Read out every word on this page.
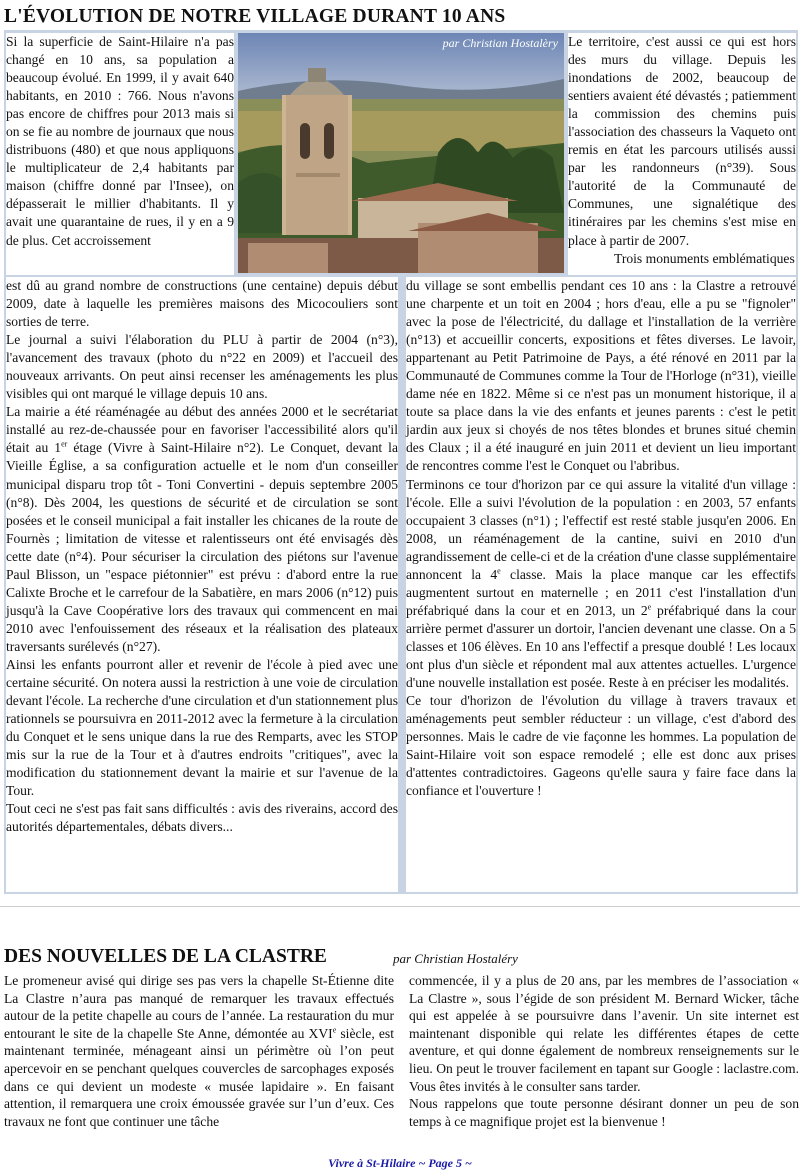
L'ÉVOLUTION DE NOTRE VILLAGE DURANT 10 ANS

Si la superficie de Saint-Hilaire n'a pas changé en 10 ans, sa population a beaucoup évolué. En 1999, il y avait 640 habitants, en 2010 : 766. Nous n'avons pas encore de chiffres pour 2013 mais si on se fie au nombre de journaux que nous distribuons (480) et que nous appliquons le multiplicateur de 2,4 habitants par maison (chiffre donné par l'Insee), on dépasserait le millier d'habitants. Il y avait une quarantaine de rues, il y en a 9 de plus. Cet accroissement

par Christian Hostalèry Le territoire, c'est aussi ce qui est hors des murs du village. Depuis les inondations de 2002, beaucoup de sentiers avaient été dévastés ; patiemment la commission des chemins puis l'association des chasseurs la Vaqueto ont remis en état les parcours utilisés aussi par les randonneurs (n°39). Sous l'autorité de la Communauté de Communes, une signalétique des itinéraires par les chemins s'est mise en place à partir de 2007.

Trois monuments emblématiques

est dû au grand nombre de constructions (une centaine) depuis début 2009, date à laquelle les premières maisons des Micocouliers sont sorties de terre.

Le journal a suivi l'élaboration du PLU à partir de 2004 (n°3), l'avancement des travaux (photo du n°22 en 2009) et l'accueil des nouveaux arrivants. On peut ainsi recenser les aménagements les plus visibles qui ont marqué le village depuis 10 ans.

La mairie a été réaménagée au début des années 2000 et le secrétariat installé au rez-de-chaussée pour en favoriser l'accessibilité alors qu'il était au 1er étage (Vivre à Saint-Hilaire n°2). Le Conquet, devant la Vieille Église, a sa configuration actuelle et le nom d'un conseiller municipal disparu trop tôt - Toni Convertini - depuis septembre 2005 (n°8). Dès 2004, les questions de sécurité et de circulation se sont posées et le conseil municipal a fait installer les chicanes de la route de Fournès ; limitation de vitesse et ralentisseurs ont été envisagés dès cette date (n°4). Pour sécuriser la circulation des piétons sur l'avenue Paul Blisson, un "espace piétonnier" est prévu : d'abord entre la rue Calixte Broche et le carrefour de la Sabatière, en mars 2006 (n°12) puis jusqu'à la Cave Coopérative lors des travaux qui commencent en mai 2010 avec l'enfouissement des réseaux et la réalisation des plateaux traversants surélevés (n°27).

Ainsi les enfants pourront aller et revenir de l'école à pied avec une certaine sécurité. On notera aussi la restriction à une voie de circulation devant l'école. La recherche d'une circulation et d'un stationnement plus rationnels se poursuivra en 2011-2012 avec la fermeture à la circulation du Conquet et le sens unique dans la rue des Remparts, avec les STOP mis sur la rue de la Tour et à d'autres endroits "critiques", avec la modification du stationnement devant la mairie et sur l'avenue de la Tour.

Tout ceci ne s'est pas fait sans difficultés : avis des riverains, accord des autorités départementales, débats divers...

du village se sont embellis pendant ces 10 ans : la Clastre a retrouvé une charpente et un toit en 2004 ; hors d'eau, elle a pu se "fignoler" avec la pose de l'électricité, du dallage et l'installation de la verrière (n°13) et accueillir concerts, expositions et fêtes diverses. Le lavoir, appartenant au Petit Patrimoine de Pays, a été rénové en 2011 par la Communauté de Communes comme la Tour de l'Horloge (n°31), vieille dame née en 1822. Même si ce n'est pas un monument historique, il a toute sa place dans la vie des enfants et jeunes parents : c'est le petit jardin aux jeux si choyés de nos têtes blondes et brunes situé chemin des Claux ; il a été inauguré en juin 2011 et devient un lieu important de rencontres comme l'est le Conquet ou l'abribus.

Terminons ce tour d'horizon par ce qui assure la vitalité d'un village : l'école. Elle a suivi l'évolution de la population : en 2003, 57 enfants occupaient 3 classes (n°1) ; l'effectif est resté stable jusqu'en 2006. En 2008, un réaménagement de la cantine, suivi en 2010 d'un agrandissement de celle-ci et de la création d'une classe supplémentaire annoncent la 4e classe. Mais la place manque car les effectifs augmentent surtout en maternelle ; en 2011 c'est l'installation d'un préfabriqué dans la cour et en 2013, un 2e préfabriqué dans la cour arrière permet d'assurer un dortoir, l'ancien devenant une classe. On a 5 classes et 106 élèves. En 10 ans l'effectif a presque doublé ! Les locaux ont plus d'un siècle et répondent mal aux attentes actuelles. L'urgence d'une nouvelle installation est posée. Reste à en préciser les modalités.

Ce tour d'horizon de l'évolution du village à travers travaux et aménagements peut sembler réducteur : un village, c'est d'abord des personnes. Mais le cadre de vie façonne les hommes. La population de Saint-Hilaire voit son espace remodelé ; elle est donc aux prises d'attentes contradictoires. Gageons qu'elle saura y faire face dans la confiance et l'ouverture !

DES NOUVELLES DE LA CLASTRE	par Christian Hostaléry

Le promeneur avisé qui dirige ses pas vers la chapelle St-Étienne dite La Clastre n’aura pas manqué de remarquer les travaux effectués autour de la petite chapelle au cours de l’année. La restauration du mur entourant le site de la chapelle Ste Anne, démontée au XVIe siècle, est maintenant terminée, ménageant ainsi un périmètre où l’on peut apercevoir en se penchant quelques couvercles de sarcophages exposés dans ce qui devient un modeste « musée lapidaire ». En faisant attention, il remarquera une croix émoussée gravée sur l’un d’eux. Ces travaux ne font que continuer une tâche

commencée, il y a plus de 20 ans, par les membres de l’association « La Clastre », sous l’égide de son président M. Bernard Wicker, tâche qui est appelée à se poursuivre dans l’avenir. Un site internet est maintenant disponible qui relate les différentes étapes de cette aventure, et qui donne également de nombreux renseignements sur le lieu. On peut le trouver facilement en tapant sur Google : laclastre.com. Vous êtes invités à le consulter sans tarder.

Nous rappelons que toute personne désirant donner un peu de son temps à ce magnifique projet est la bienvenue !

Vivre à St-Hilaire ~ Page 5 ~
